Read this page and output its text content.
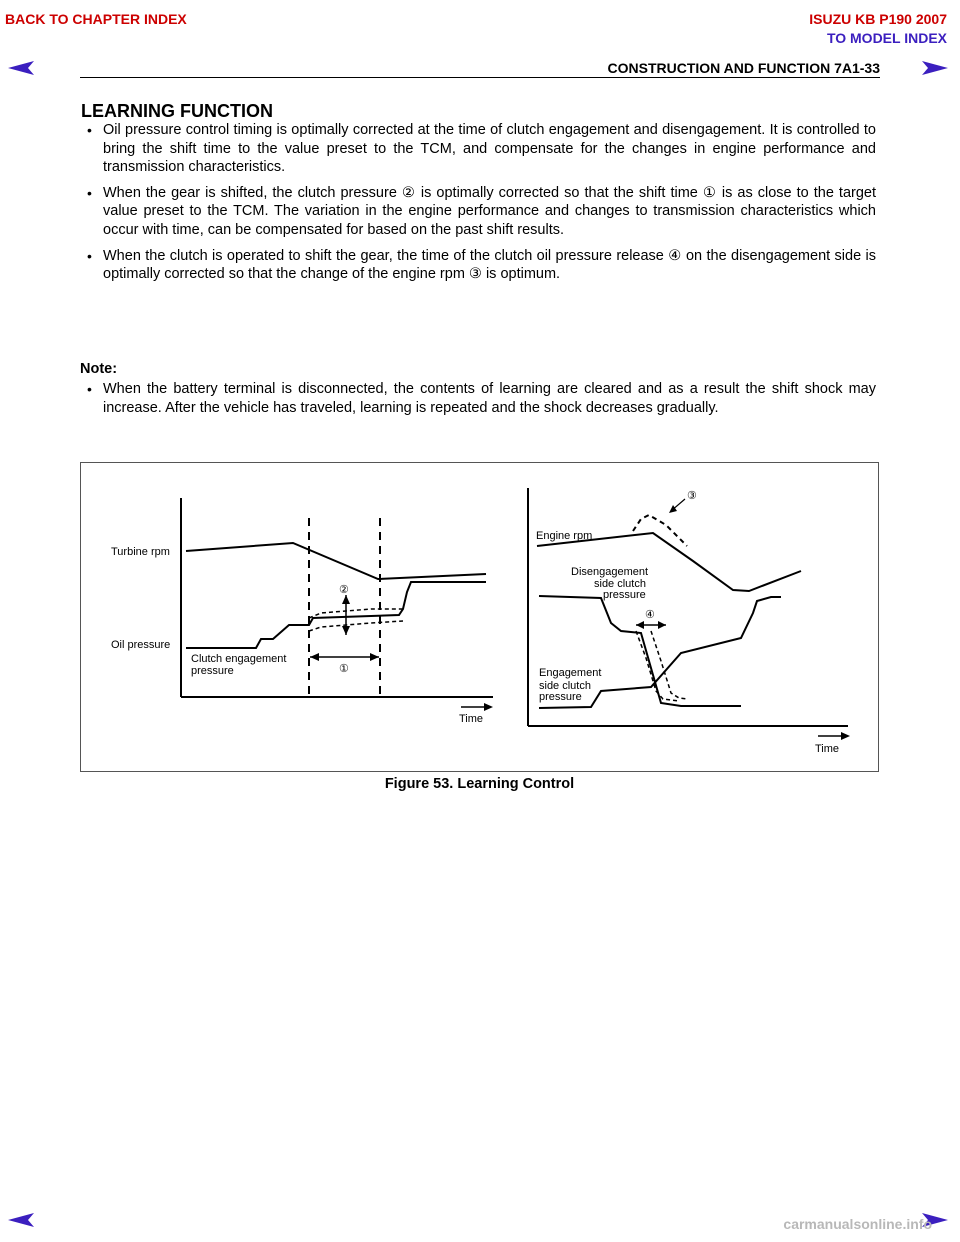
BACK TO CHAPTER INDEX	ISUZU KB P190 2007
TO MODEL INDEX
CONSTRUCTION AND FUNCTION 7A1-33
LEARNING FUNCTION

• Oil pressure control timing is optimally corrected at the time of clutch engagement and disengagement. It is controlled to bring the shift time to the value preset to the TCM, and compensate for the changes in engine performance and transmission characteristics.

• When the gear is shifted, the clutch pressure ② is optimally corrected so that the shift time ① is as close to the target value preset to the TCM. The variation in the engine performance and changes to transmission characteristics which occur with time, can be compensated for based on the past shift results.

• When the clutch is operated to shift the gear, the time of the clutch oil pressure release ④ on the disengagement side is optimally corrected so that the change of the engine rpm ③ is optimum.

Note:

• When the battery terminal is disconnected, the contents of learning are cleared and as a result the shift shock may increase. After the vehicle has traveled, learning is repeated and the shock decreases gradually.

Turbine rpm
Oil pressure
Clutch engagement
pressure	①
②
Time
Engine rpm
Disengagement
side clutch
pressure
Engagement
side clutch
pressure
③
④
Time
Figure 53. Learning Control
carmanualsonline.info
